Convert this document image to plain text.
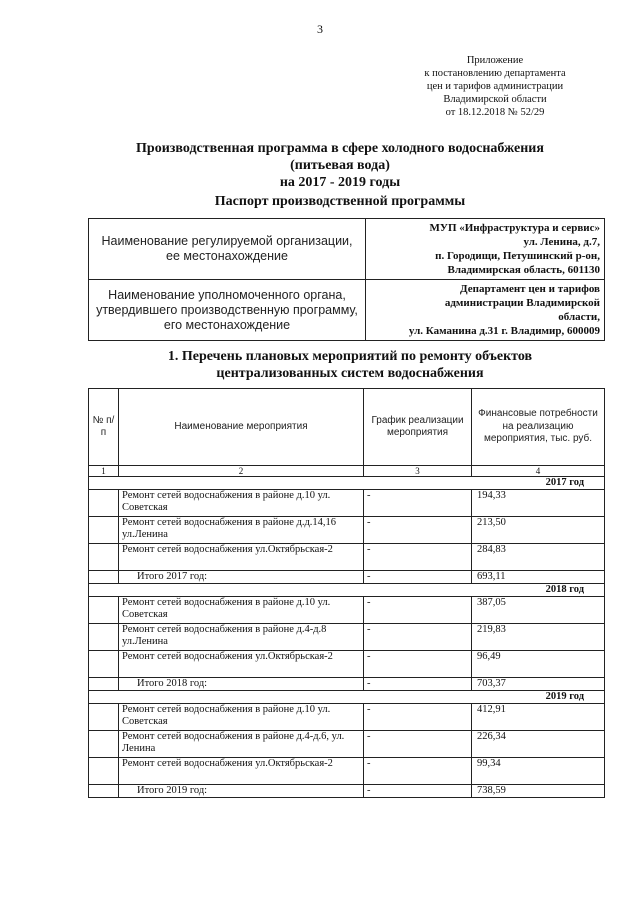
3
Приложение
к постановлению департамента
цен и тарифов администрации
Владимирской области
от 18.12.2018 № 52/29
Производственная программа в сфере холодного водоснабжения
(питьевая вода)
на 2017 - 2019 годы
Паспорт производственной программы
Наименование регулируемой организации, ее местонахождение	МУП «Инфраструктура и сервис»
ул. Ленина, д.7,
п. Городищи, Петушинский р-он,
Владимирская область, 601130

Наименование уполномоченного органа, утвердившего производственную программу, его местонахождение	Департамент цен и тарифов
администрации Владимирской
области,
ул. Каманина д.31 г. Владимир, 600009
1. Перечень плановых мероприятий по ремонту объектов
централизованных систем водоснабжения
№ п/п	Наименование мероприятия	График реализации мероприятия	Финансовые потребности на реализацию мероприятия, тыс. руб.
1	2	3	4
2017 год			
	Ремонт сетей водоснабжения в районе д.10 ул. Советская	-	194,33
	Ремонт сетей водоснабжения в районе д.д.14,16 ул.Ленина	-	213,50
	Ремонт сетей водоснабжения ул.Октябрьская-2	-	284,83
	Итого 2017 год:	-	693,11
2018 год			
	Ремонт сетей водоснабжения в районе д.10 ул. Советская	-	387,05
	Ремонт сетей водоснабжения в районе д.4-д.8 ул.Ленина	-	219,83
	Ремонт сетей водоснабжения ул.Октябрьская-2	-	96,49
	Итого 2018 год:	-	703,37
2019 год			
	Ремонт сетей водоснабжения в районе д.10 ул. Советская	-	412,91
	Ремонт сетей водоснабжения в районе д.4-д.6, ул. Ленина	-	226,34
	Ремонт сетей водоснабжения ул.Октябрьская-2	-	99,34
	Итого 2019 год:	-	738,59
